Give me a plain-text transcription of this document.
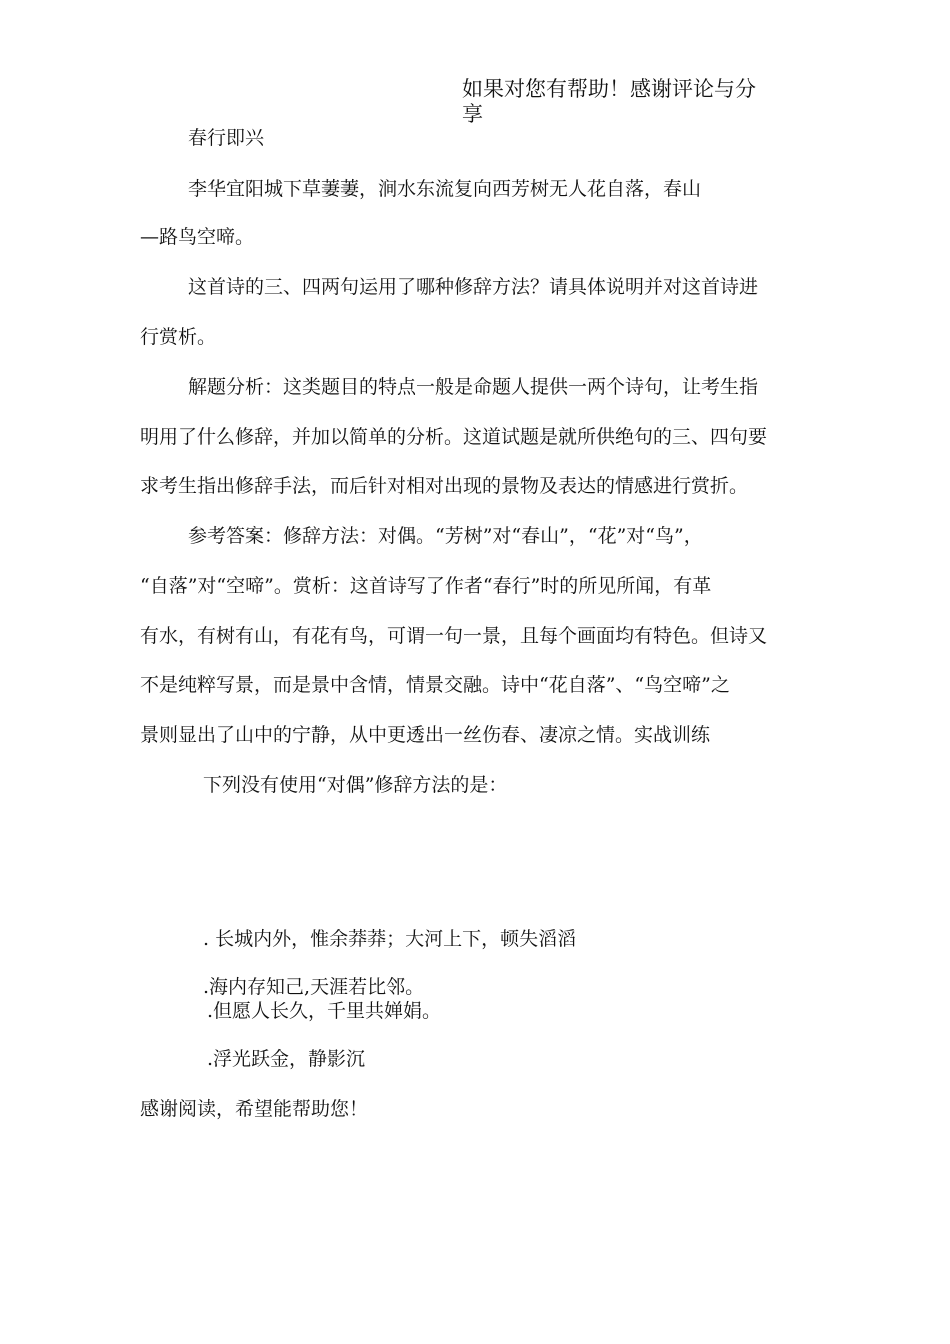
如果对您有帮助！感谢评论与分

享

春行即兴

李华宜阳城下草萋萋，涧水东流复向西芳树无人花自落，春山

—路鸟空啼。

这首诗的三、四两句运用了哪种修辞方法？请具体说明并对这首诗进

行赏析。

解题分析：这类题目的特点一般是命题人提供一两个诗句，让考生指

明用了什么修辞，并加以简单的分析。这道试题是就所供绝句的三、四句要

求考生指出修辞手法，而后针对相对出现的景物及表达的情感进行赏折。

参考答案：修辞方法：对偶。“芳树”对“春山”，“花”对“鸟”，

“自落”对“空啼”。赏析：这首诗写了作者“春行”时的所见所闻，有革

有水，有树有山，有花有鸟，可谓一句一景，且每个画面均有特色。但诗又

不是纯粹写景，而是景中含情，情景交融。诗中“花自落”、“鸟空啼”之

景则显出了山中的宁静，从中更透出一丝伤春、凄凉之情。实战训练

下列没有使用“对偶”修辞方法的是：

. 长城内外，惟余莽莽；大河上下，顿失滔滔

.海内存知己,天涯若比邻。

.但愿人长久，千里共婵娟。

.浮光跃金，静影沉

感谢阅读，希望能帮助您！
